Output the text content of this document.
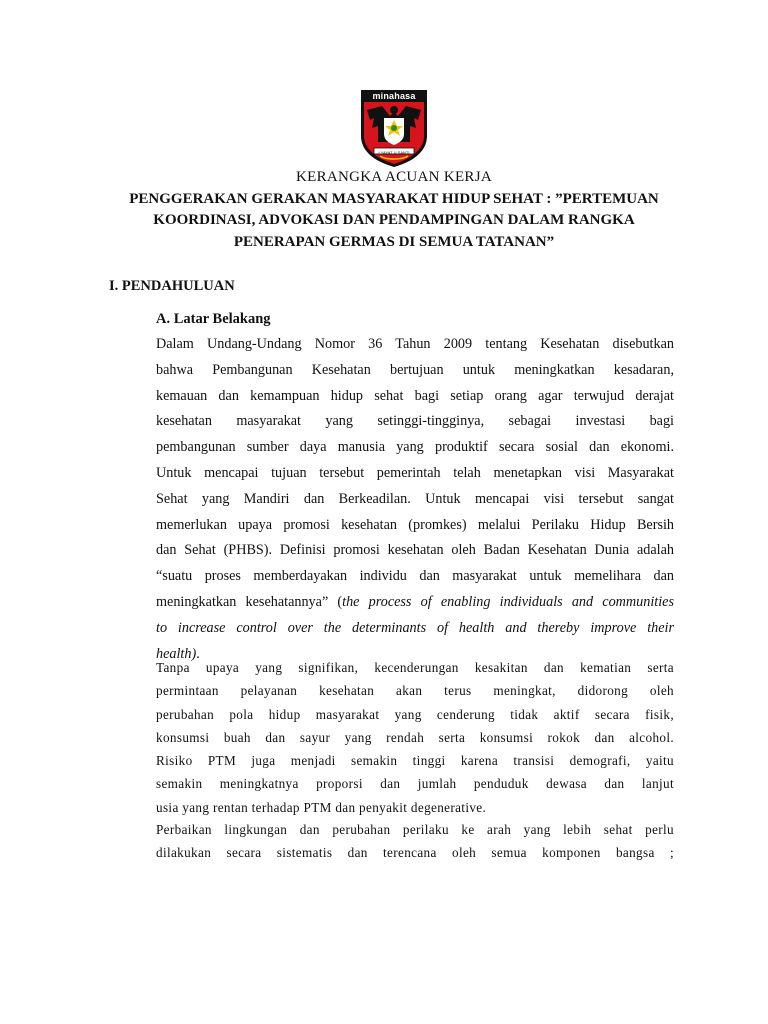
minahasa
I YAYAT U SANTI
KERANGKA ACUAN KERJA
PENGGERAKAN GERAKAN MASYARAKAT HIDUP SEHAT : ”PERTEMUAN
KOORDINASI, ADVOKASI DAN PENDAMPINGAN DALAM RANGKA
PENERAPAN GERMAS DI SEMUA TATANAN”
I. PENDAHULUAN
A. Latar Belakang
Dalam Undang-Undang Nomor 36 Tahun 2009 tentang Kesehatan disebutkan
bahwa Pembangunan Kesehatan bertujuan untuk meningkatkan kesadaran,
kemauan dan kemampuan hidup sehat bagi setiap orang agar terwujud derajat
kesehatan masyarakat yang setinggi-tingginya, sebagai investasi bagi
pembangunan sumber daya manusia yang produktif secara sosial dan ekonomi.
Untuk mencapai tujuan tersebut pemerintah telah menetapkan visi Masyarakat
Sehat yang Mandiri dan Berkeadilan. Untuk mencapai visi tersebut sangat
memerlukan upaya promosi kesehatan (promkes) melalui Perilaku Hidup Bersih
dan Sehat (PHBS). Definisi promosi kesehatan oleh Badan Kesehatan Dunia adalah
“suatu proses memberdayakan individu dan masyarakat untuk memelihara dan
meningkatkan kesehatannya” (the process of enabling individuals and communities
to increase control over the determinants of health and thereby improve their
health).
Tanpa upaya yang signifikan, kecenderungan kesakitan dan kematian serta
permintaan pelayanan kesehatan akan terus meningkat, didorong oleh
perubahan pola hidup masyarakat yang cenderung tidak aktif secara fisik,
konsumsi buah dan sayur yang rendah serta konsumsi rokok dan alcohol.
Risiko PTM juga menjadi semakin tinggi karena transisi demografi, yaitu
semakin meningkatnya proporsi dan jumlah penduduk dewasa dan lanjut
usia yang rentan terhadap PTM dan penyakit degenerative.
Perbaikan lingkungan dan perubahan perilaku ke arah yang lebih sehat perlu
dilakukan secara sistematis dan terencana oleh semua komponen bangsa ;
